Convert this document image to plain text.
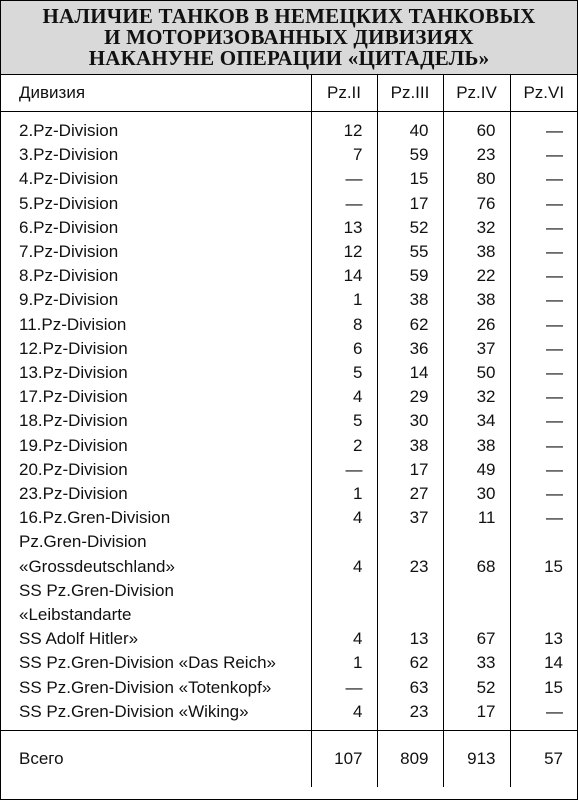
НАЛИЧИЕ ТАНКОВ В НЕМЕЦКИХ ТАНКОВЫХ
И МОТОРИЗОВАННЫХ ДИВИЗИЯХ
НАКАНУНЕ ОПЕРАЦИИ «ЦИТАДЕЛЬ»
Дивизия	Pz.II	Pz.III	Pz.IV	Pz.VI
2.Pz-Division	12	40	60	—
3.Pz-Division	7	59	23	—
4.Pz-Division	—	15	80	—
5.Pz-Division	—	17	76	—
6.Pz-Division	13	52	32	—
7.Pz-Division	12	55	38	—
8.Pz-Division	14	59	22	—
9.Pz-Division	1	38	38	—
11.Pz-Division	8	62	26	—
12.Pz-Division	6	36	37	—
13.Pz-Division	5	14	50	—
17.Pz-Division	4	29	32	—
18.Pz-Division	5	30	34	—
19.Pz-Division	2	38	38	—
20.Pz-Division	—	17	49	—
23.Pz-Division	1	27	30	—
16.Pz.Gren-Division	4	37	11	—
Pz.Gren-Division				
«Grossdeutschland»	4	23	68	15
SS Pz.Gren-Division				
«Leibstandarte				
SS Adolf Hitler»	4	13	67	13
SS Pz.Gren-Division «Das Reich»	1	62	33	14
SS Pz.Gren-Division «Totenkopf»	—	63	52	15
SS Pz.Gren-Division «Wiking»	4	23	17	—
Всего	107	809	913	57
